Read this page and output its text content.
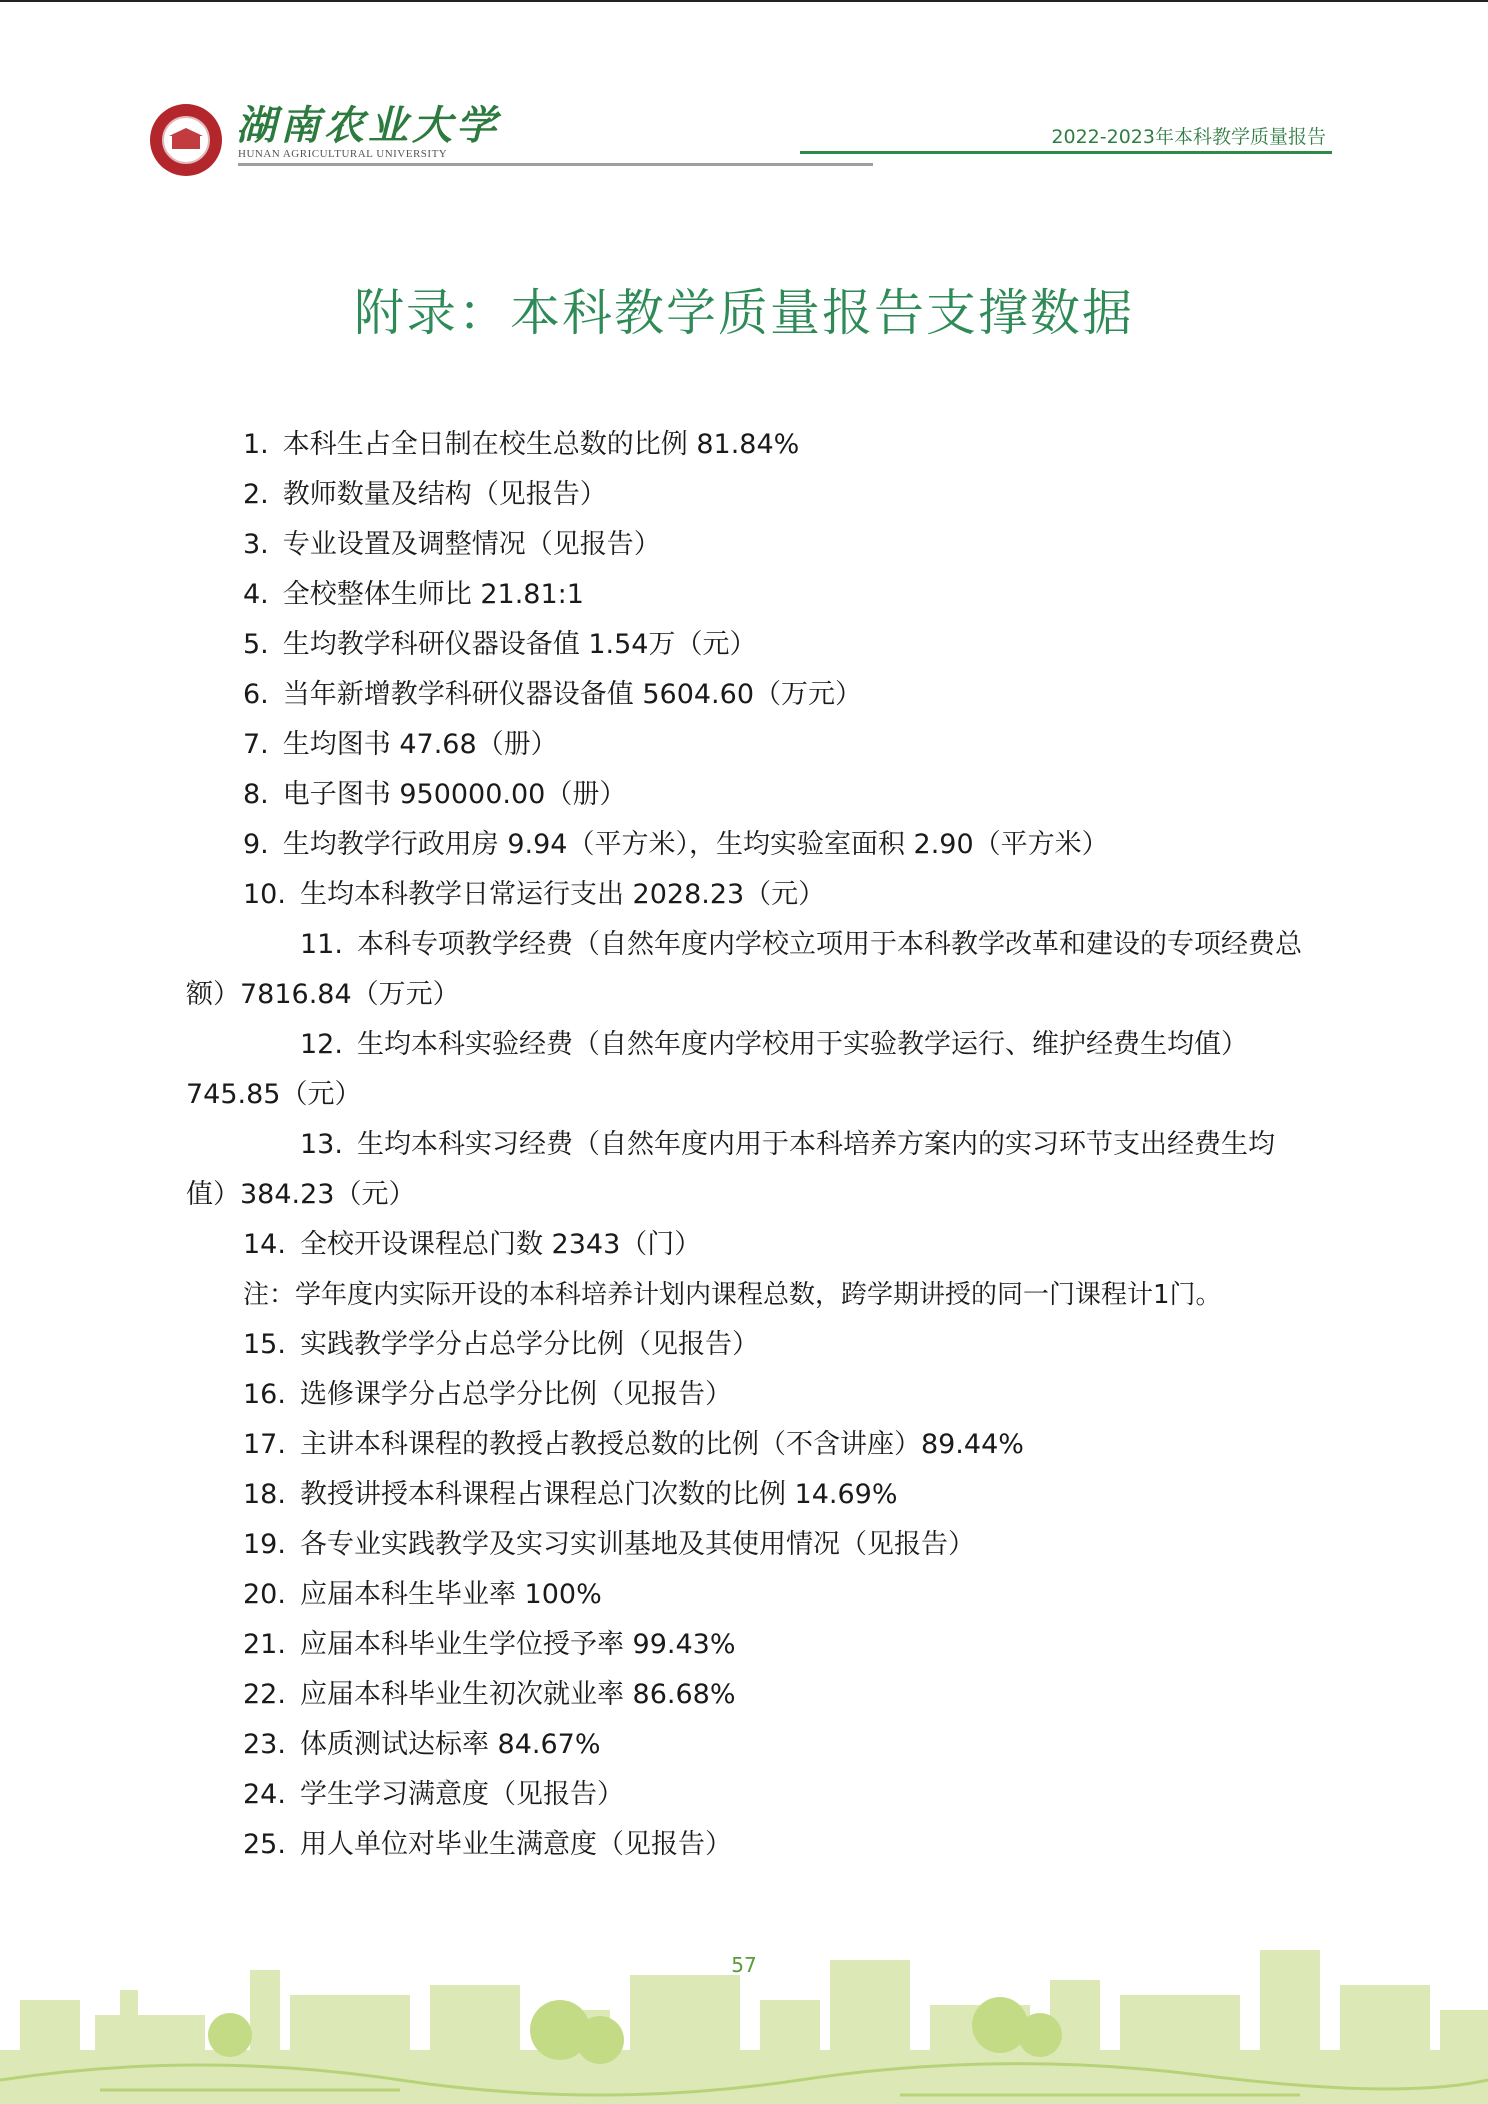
湖南农业大学
HUNAN AGRICULTURAL UNIVERSITY
2022-2023年本科教学质量报告
附录：本科教学质量报告支撑数据

1. 本科生占全日制在校生总数的比例 81.84%

2. 教师数量及结构（见报告）

3. 专业设置及调整情况（见报告）

4. 全校整体生师比 21.81:1

5. 生均教学科研仪器设备值 1.54万（元）

6. 当年新增教学科研仪器设备值 5604.60（万元）

7. 生均图书 47.68（册）

8. 电子图书 950000.00（册）

9. 生均教学行政用房 9.94（平方米），生均实验室面积 2.90（平方米）

10. 生均本科教学日常运行支出 2028.23（元）

11. 本科专项教学经费（自然年度内学校立项用于本科教学改革和建设的专项经费总额）7816.84（万元）

12. 生均本科实验经费（自然年度内学校用于实验教学运行、维护经费生均值）745.85（元）

13. 生均本科实习经费（自然年度内用于本科培养方案内的实习环节支出经费生均值）384.23（元）

14. 全校开设课程总门数 2343（门）

注：学年度内实际开设的本科培养计划内课程总数，跨学期讲授的同一门课程计1门。

15. 实践教学学分占总学分比例（见报告）

16. 选修课学分占总学分比例（见报告）

17. 主讲本科课程的教授占教授总数的比例（不含讲座）89.44%

18. 教授讲授本科课程占课程总门次数的比例 14.69%

19. 各专业实践教学及实习实训基地及其使用情况（见报告）

20. 应届本科生毕业率 100%

21. 应届本科毕业生学位授予率 99.43%

22. 应届本科毕业生初次就业率 86.68%

23. 体质测试达标率 84.67%

24. 学生学习满意度（见报告）

25. 用人单位对毕业生满意度（见报告）

57
